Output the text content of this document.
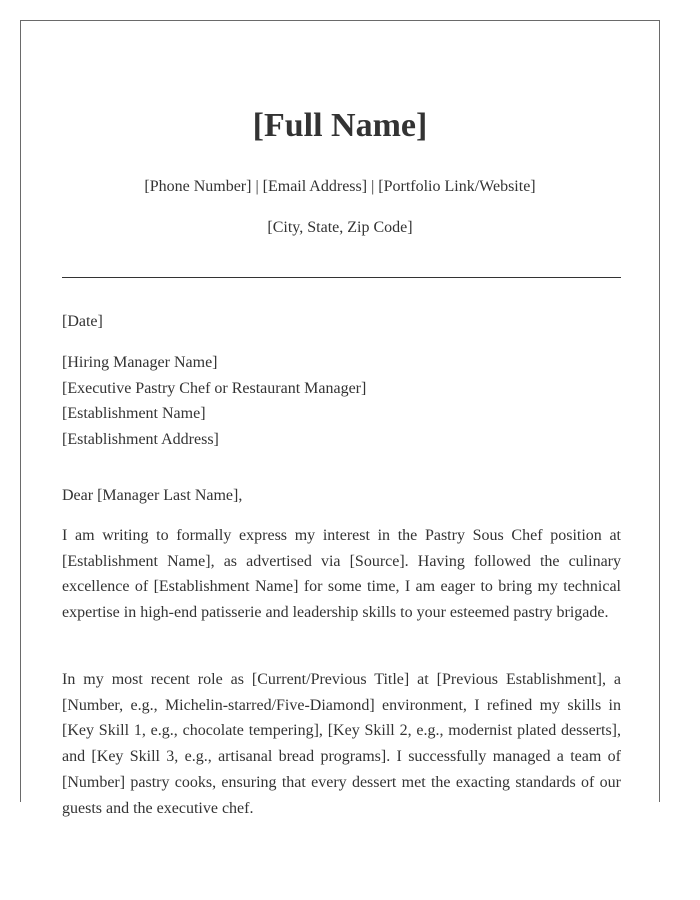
[Full Name]
[Phone Number] | [Email Address] | [Portfolio Link/Website]
[City, State, Zip Code]
[Date]
[Hiring Manager Name]
[Executive Pastry Chef or Restaurant Manager]
[Establishment Name]
[Establishment Address]
Dear [Manager Last Name],
I am writing to formally express my interest in the Pastry Sous Chef position at [Establishment Name], as advertised via [Source]. Having followed the culinary excellence of [Establishment Name] for some time, I am eager to bring my technical expertise in high-end patisserie and leadership skills to your esteemed pastry brigade.
In my most recent role as [Current/Previous Title] at [Previous Establishment], a [Number, e.g., Michelin-starred/Five-Diamond] environment, I refined my skills in [Key Skill 1, e.g., chocolate tempering], [Key Skill 2, e.g., modernist plated desserts], and [Key Skill 3, e.g., artisanal bread programs]. I successfully managed a team of [Number] pastry cooks, ensuring that every dessert met the exacting standards of our guests and the executive chef.
